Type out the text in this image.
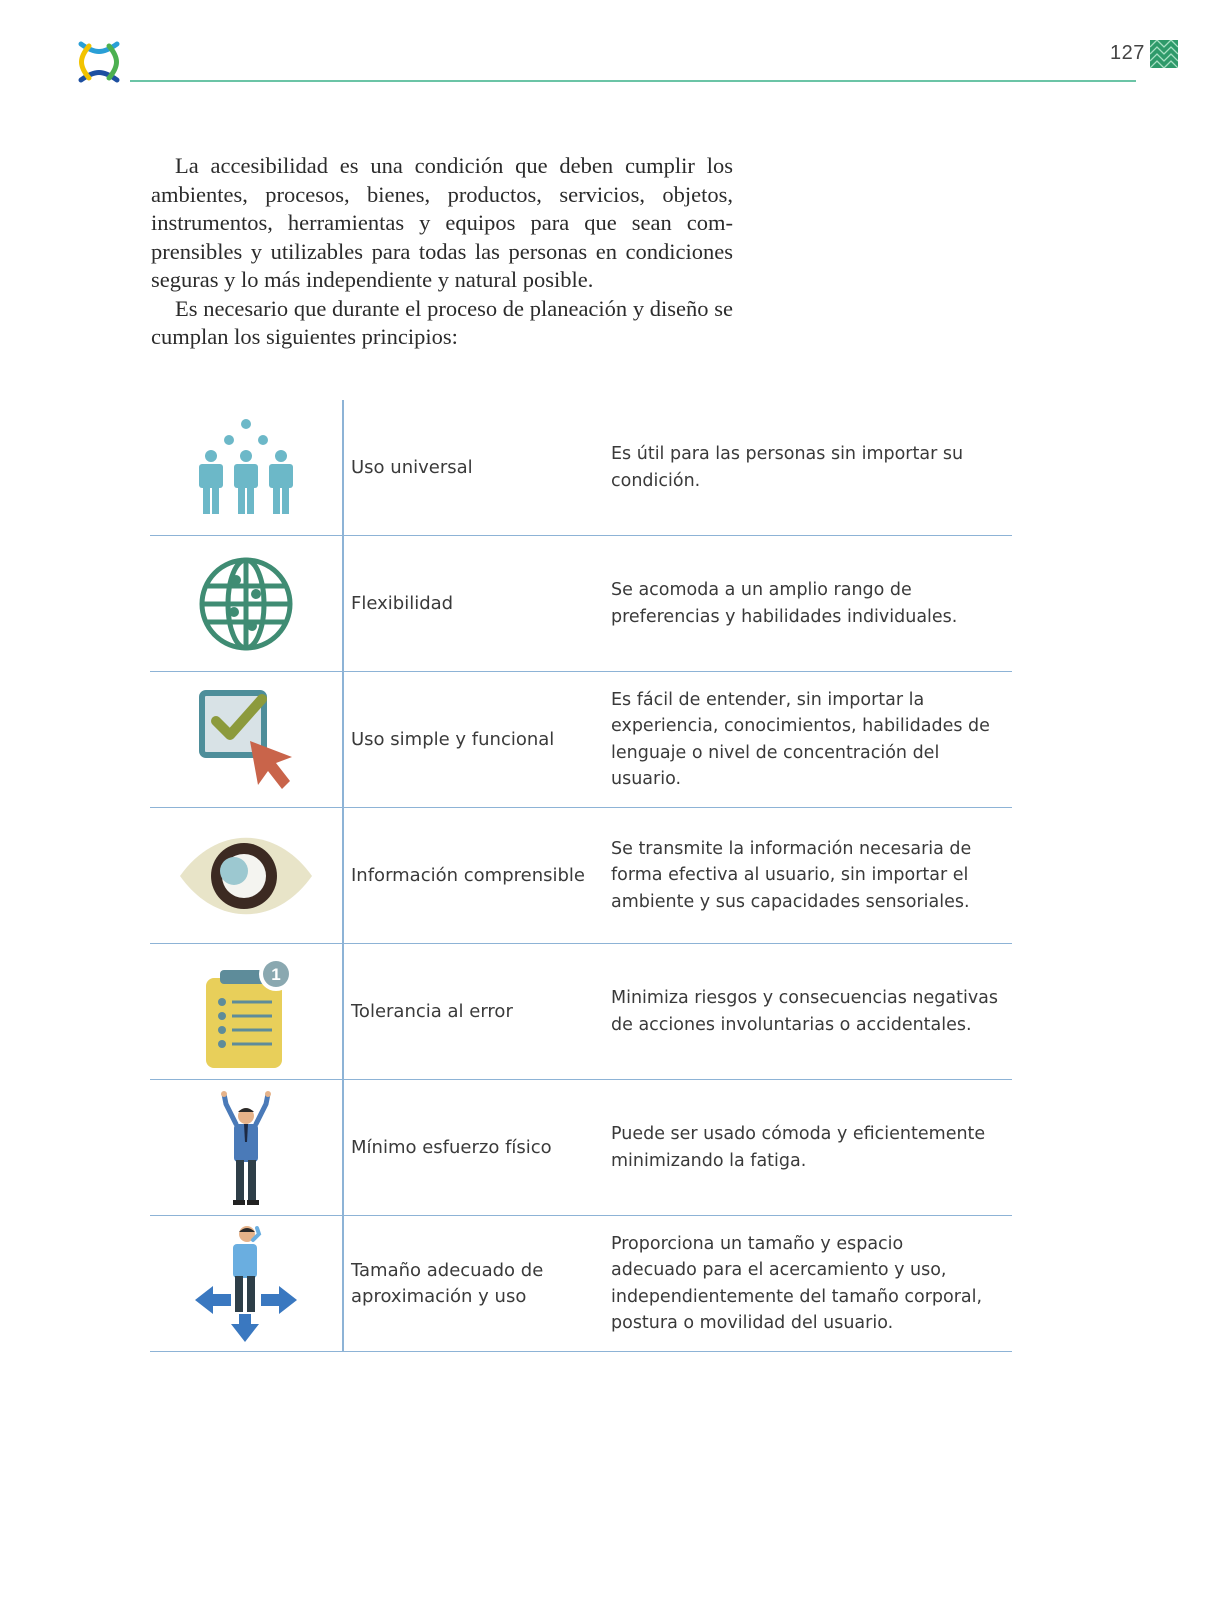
127

La accesibilidad es una condición que deben cumplir los ambientes, procesos, bienes, productos, servicios, objetos, instrumentos, herramientas y equipos para que sean com-prensibles y utilizables para todas las personas en condiciones seguras y lo más independiente y natural posible.

Es necesario que durante el proceso de planeación y diseño se cumplan los siguientes principios:

Uso universal
Es útil para las personas sin importar su
condición.
Flexibilidad
Se acomoda a un amplio rango de
preferencias y habilidades individuales.
Uso simple y funcional
Es fácil de entender, sin importar la
experiencia, conocimientos, habilidades de
lenguaje o nivel de concentración del usuario.
Información comprensible
Se transmite la información necesaria de
forma efectiva al usuario, sin importar el
ambiente y sus capacidades sensoriales.
1
Tolerancia al error
Minimiza riesgos y consecuencias negativas
de acciones involuntarias o accidentales.
Mínimo esfuerzo físico
Puede ser usado cómoda y eficientemente
minimizando la fatiga.
Tamaño adecuado de
aproximación y uso
Proporciona un tamaño y espacio
adecuado para el acercamiento y uso,
independientemente del tamaño corporal,
postura o movilidad del usuario.
